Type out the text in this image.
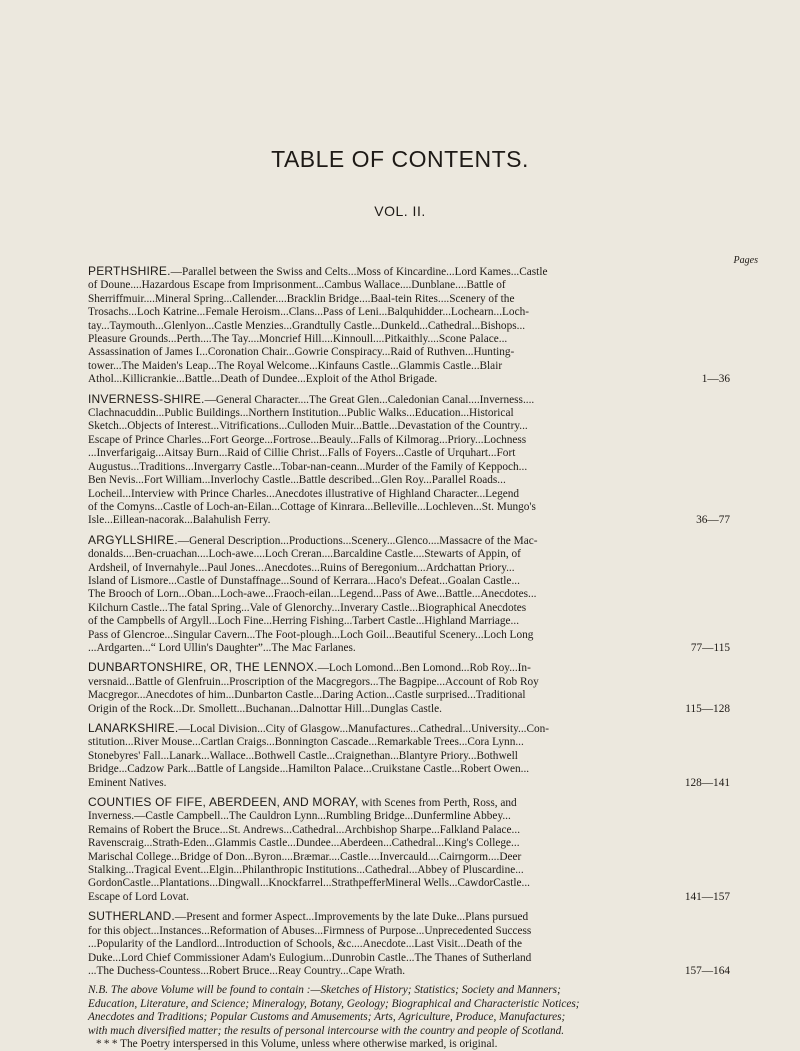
TABLE OF CONTENTS.
VOL. II.
Pages
PERTHSHIRE.—Parallel between the Swiss and Celts...Moss of Kincardine...Lord Kames...Castle
of Doune....Hazardous Escape from Imprisonment...Cambus Wallace....Dunblane....Battle of
Sherriffmuir....Mineral Spring...Callender....Bracklin Bridge....Baal-tein Rites....Scenery of the
Trosachs...Loch Katrine...Female Heroism...Clans...Pass of Leni...Balquhidder...Lochearn...Loch-
tay...Taymouth...Glenlyon...Castle Menzies...Grandtully Castle...Dunkeld...Cathedral...Bishops...
Pleasure Grounds...Perth....The Tay....Moncrief Hill....Kinnoull....Pitkaithly....Scone Palace...
Assassination of James I...Coronation Chair...Gowrie Conspiracy...Raid of Ruthven...Hunting-
tower...The Maiden's Leap...The Royal Welcome...Kinfauns Castle...Glammis Castle...Blair
Athol...Killicrankie...Battle...Death of Dundee...Exploit of the Athol Brigade.	1—36
INVERNESS-SHIRE.—General Character....The Great Glen...Caledonian Canal....Inverness....
Clachnacuddin...Public Buildings...Northern Institution...Public Walks...Education...Historical
Sketch...Objects of Interest...Vitrifications...Culloden Muir...Battle...Devastation of the Country...
Escape of Prince Charles...Fort George...Fortrose...Beauly...Falls of Kilmorag...Priory...Lochness
...Inverfarigaig...Aitsay Burn...Raid of Cillie Christ...Falls of Foyers...Castle of Urquhart...Fort
Augustus...Traditions...Invergarry Castle...Tobar-nan-ceann...Murder of the Family of Keppoch...
Ben Nevis...Fort William...Inverlochy Castle...Battle described...Glen Roy...Parallel Roads...
Locheil...Interview with Prince Charles...Anecdotes illustrative of Highland Character...Legend
of the Comyns...Castle of Loch-an-Eilan...Cottage of Kinrara...Belleville...Lochleven...St. Mungo's
Isle...Eillean-nacorak...Balahulish Ferry.	36—77
ARGYLLSHIRE.—General Description...Productions...Scenery...Glenco....Massacre of the Mac-
donalds....Ben-cruachan....Loch-awe....Loch Creran....Barcaldine Castle....Stewarts of Appin, of
Ardsheil, of Invernahyle...Paul Jones...Anecdotes...Ruins of Beregonium...Ardchattan Priory...
Island of Lismore...Castle of Dunstaffnage...Sound of Kerrara...Haco's Defeat...Goalan Castle...
The Brooch of Lorn...Oban...Loch-awe...Fraoch-eilan...Legend...Pass of Awe...Battle...Anecdotes...
Kilchurn Castle...The fatal Spring...Vale of Glenorchy...Inverary Castle...Biographical Anecdotes
of the Campbells of Argyll...Loch Fine...Herring Fishing...Tarbert Castle...Highland Marriage...
Pass of Glencroe...Singular Cavern...The Foot-plough...Loch Goil...Beautiful Scenery...Loch Long
...Ardgarten...“ Lord Ullin's Daughter”...The Mac Farlanes.	77—115
DUNBARTONSHIRE, OR, THE LENNOX.—Loch Lomond...Ben Lomond...Rob Roy...In-
versnaid...Battle of Glenfruin...Proscription of the Macgregors...The Bagpipe...Account of Rob Roy
Macgregor...Anecdotes of him...Dunbarton Castle...Daring Action...Castle surprised...Traditional
Origin of the Rock...Dr. Smollett...Buchanan...Dalnottar Hill...Dunglas Castle.	115—128
LANARKSHIRE.—Local Division...City of Glasgow...Manufactures...Cathedral...University...Con-
stitution...River Mouse...Cartlan Craigs...Bonnington Cascade...Remarkable Trees...Cora Lynn...
Stonebyres' Fall...Lanark...Wallace...Bothwell Castle...Craignethan...Blantyre Priory...Bothwell
Bridge...Cadzow Park...Battle of Langside...Hamilton Palace...Cruikstane Castle...Robert Owen...
Eminent Natives.	128—141
COUNTIES OF FIFE, ABERDEEN, AND MORAY, with Scenes from Perth, Ross, and
Inverness.—Castle Campbell...The Cauldron Lynn...Rumbling Bridge...Dunfermline Abbey...
Remains of Robert the Bruce...St. Andrews...Cathedral...Archbishop Sharpe...Falkland Palace...
Ravenscraig...Strath-Eden...Glammis Castle...Dundee...Aberdeen...Cathedral...King's College...
Marischal College...Bridge of Don...Byron....Bræmar....Castle....Invercauld....Cairngorm....Deer
Stalking...Tragical Event...Elgin...Philanthropic Institutions...Cathedral...Abbey of Pluscardine...
GordonCastle...Plantations...Dingwall...Knockfarrel...StrathpefferMineral Wells...CawdorCastle...
Escape of Lord Lovat.	141—157
SUTHERLAND.—Present and former Aspect...Improvements by the late Duke...Plans pursued
for this object...Instances...Reformation of Abuses...Firmness of Purpose...Unprecedented Success
...Popularity of the Landlord...Introduction of Schools, &c....Anecdote...Last Visit...Death of the
Duke...Lord Chief Commissioner Adam's Eulogium...Dunrobin Castle...The Thanes of Sutherland
...The Duchess-Countess...Robert Bruce...Reay Country...Cape Wrath.	157—164
N.B. The above Volume will be found to contain :—Sketches of History; Statistics; Society and Manners;
Education, Literature, and Science; Mineralogy, Botany, Geology; Biographical and Characteristic Notices;
Anecdotes and Traditions; Popular Customs and Amusements; Arts, Agriculture, Produce, Manufactures;
with much diversified matter; the results of personal intercourse with the country and people of Scotland.
* * * The Poetry interspersed in this Volume, unless where otherwise marked, is original.
